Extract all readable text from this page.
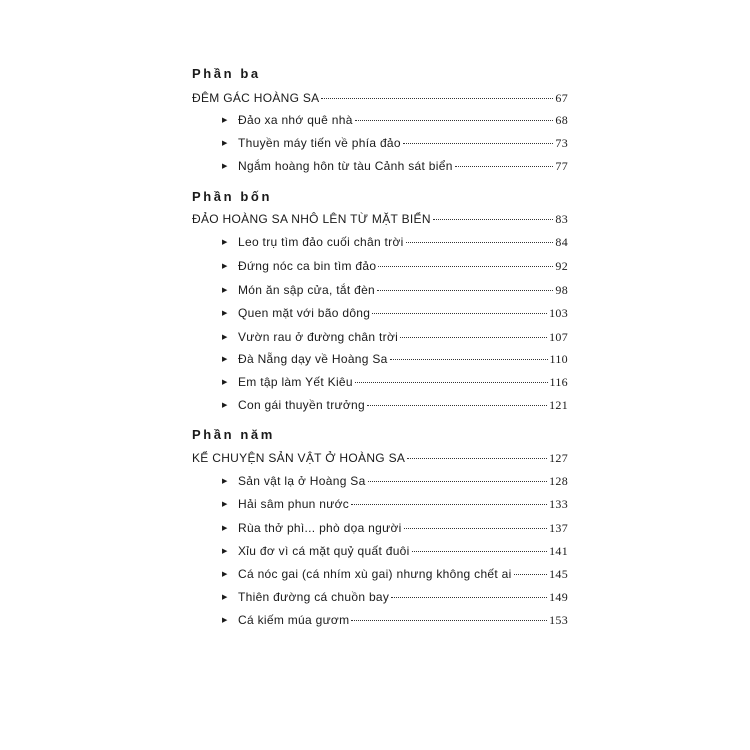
Phần ba
ĐÊM GÁC HOÀNG SA	67
▶ Đảo xa nhớ quê nhà	68
▶ Thuyền máy tiến về phía đảo	73
▶ Ngắm hoàng hôn từ tàu Cảnh sát biển	77
Phần bốn
ĐẢO HOÀNG SA NHÔ LÊN TỪ MẶT BIỂN	83
▶ Leo trụ tìm đảo cuối chân trời	84
▶ Đứng nóc ca bin tìm đảo	92
▶ Món ăn sập cửa, tắt đèn	98
▶ Quen mặt với bão dông	103
▶ Vườn rau ở đường chân trời	107
▶ Đà Nẵng dạy về Hoàng Sa	110
▶ Em tập làm Yết Kiêu	116
▶ Con gái thuyền trưởng	121
Phần năm
KỂ CHUYỆN SẢN VẬT Ở HOÀNG SA	127
▶ Sản vật lạ ở Hoàng Sa	128
▶ Hải sâm phun nước	133
▶ Rùa thở phì... phò dọa người	137
▶ Xỉu đơ vì cá mặt quỷ quất đuôi	141
▶ Cá nóc gai (cá nhím xù gai) nhưng không chết ai	145
▶ Thiên đường cá chuồn bay	149
▶ Cá kiếm múa gươm	153
